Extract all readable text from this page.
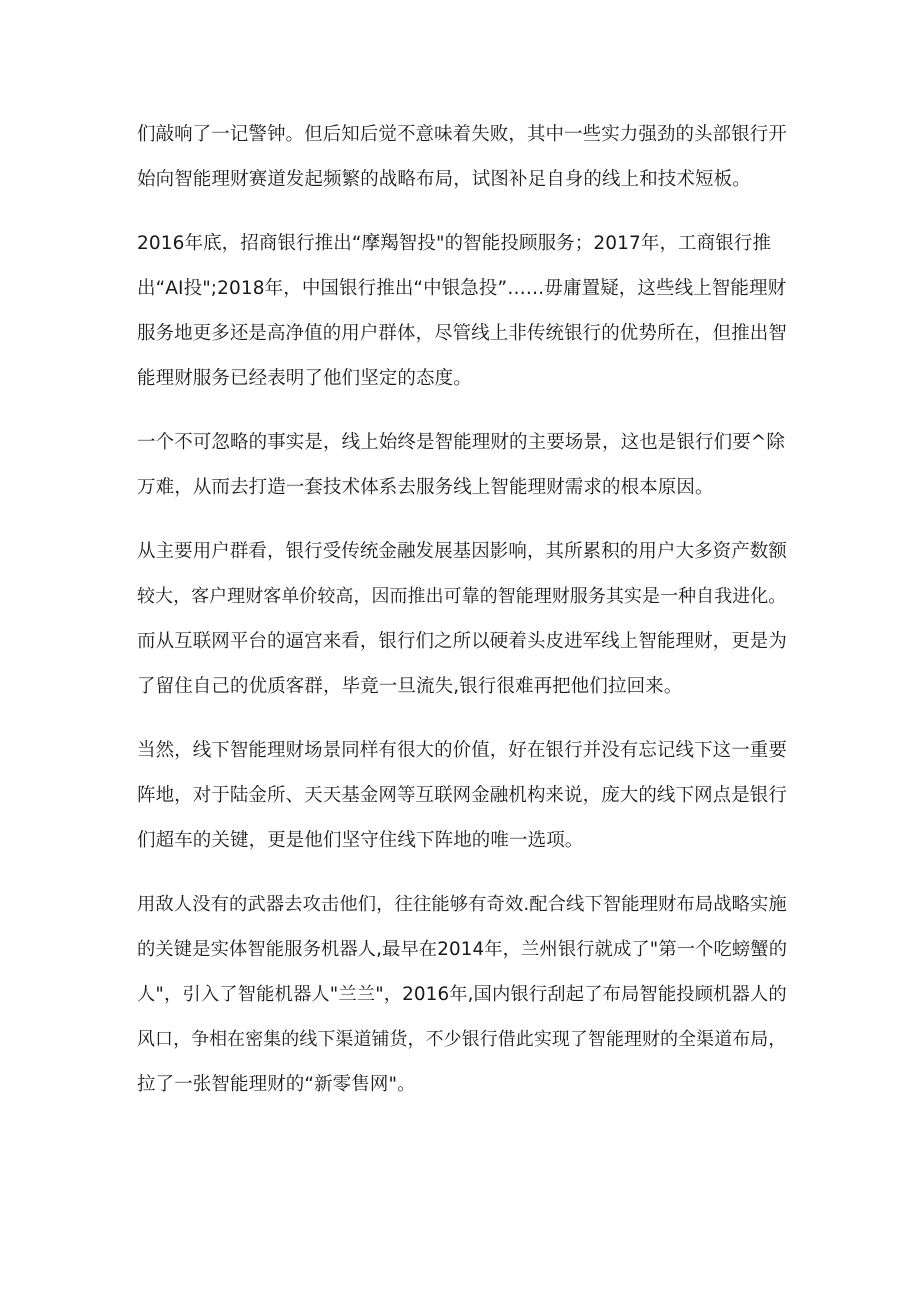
们敲响了一记警钟。但后知后觉不意味着失败，其中一些实力强劲的头部银行开
始向智能理财赛道发起频繁的战略布局，试图补足自身的线上和技术短板。

2016年底，招商银行推出“摩羯智投"的智能投顾服务；2017年，工商银行推
出“AI投";2018年，中国银行推出“中银急投”……毋庸置疑，这些线上智能理财
服务地更多还是高净值的用户群体，尽管线上非传统银行的优势所在，但推出智
能理财服务已经表明了他们坚定的态度。

一个不可忽略的事实是，线上始终是智能理财的主要场景，这也是银行们要^除
万难，从而去打造一套技术体系去服务线上智能理财需求的根本原因。

从主要用户群看，银行受传统金融发展基因影响，其所累积的用户大多资产数额
较大，客户理财客单价较高，因而推出可靠的智能理财服务其实是一种自我进化。
而从互联网平台的逼宫来看，银行们之所以硬着头皮进军线上智能理财，更是为
了留住自己的优质客群，毕竟一旦流失,银行很难再把他们拉回来。

当然，线下智能理财场景同样有很大的价值，好在银行并没有忘记线下这一重要
阵地，对于陆金所、天天基金网等互联网金融机构来说，庞大的线下网点是银行
们超车的关键，更是他们坚守住线下阵地的唯一选项。

用敌人没有的武器去攻击他们，往往能够有奇效.配合线下智能理财布局战略实施
的关键是实体智能服务机器人,最早在2014年，兰州银行就成了"第一个吃螃蟹的
人"，引入了智能机器人"兰兰"，2016年,国内银行刮起了布局智能投顾机器人的
风口，争相在密集的线下渠道铺货，不少银行借此实现了智能理财的全渠道布局，
拉了一张智能理财的“新零售网"。
